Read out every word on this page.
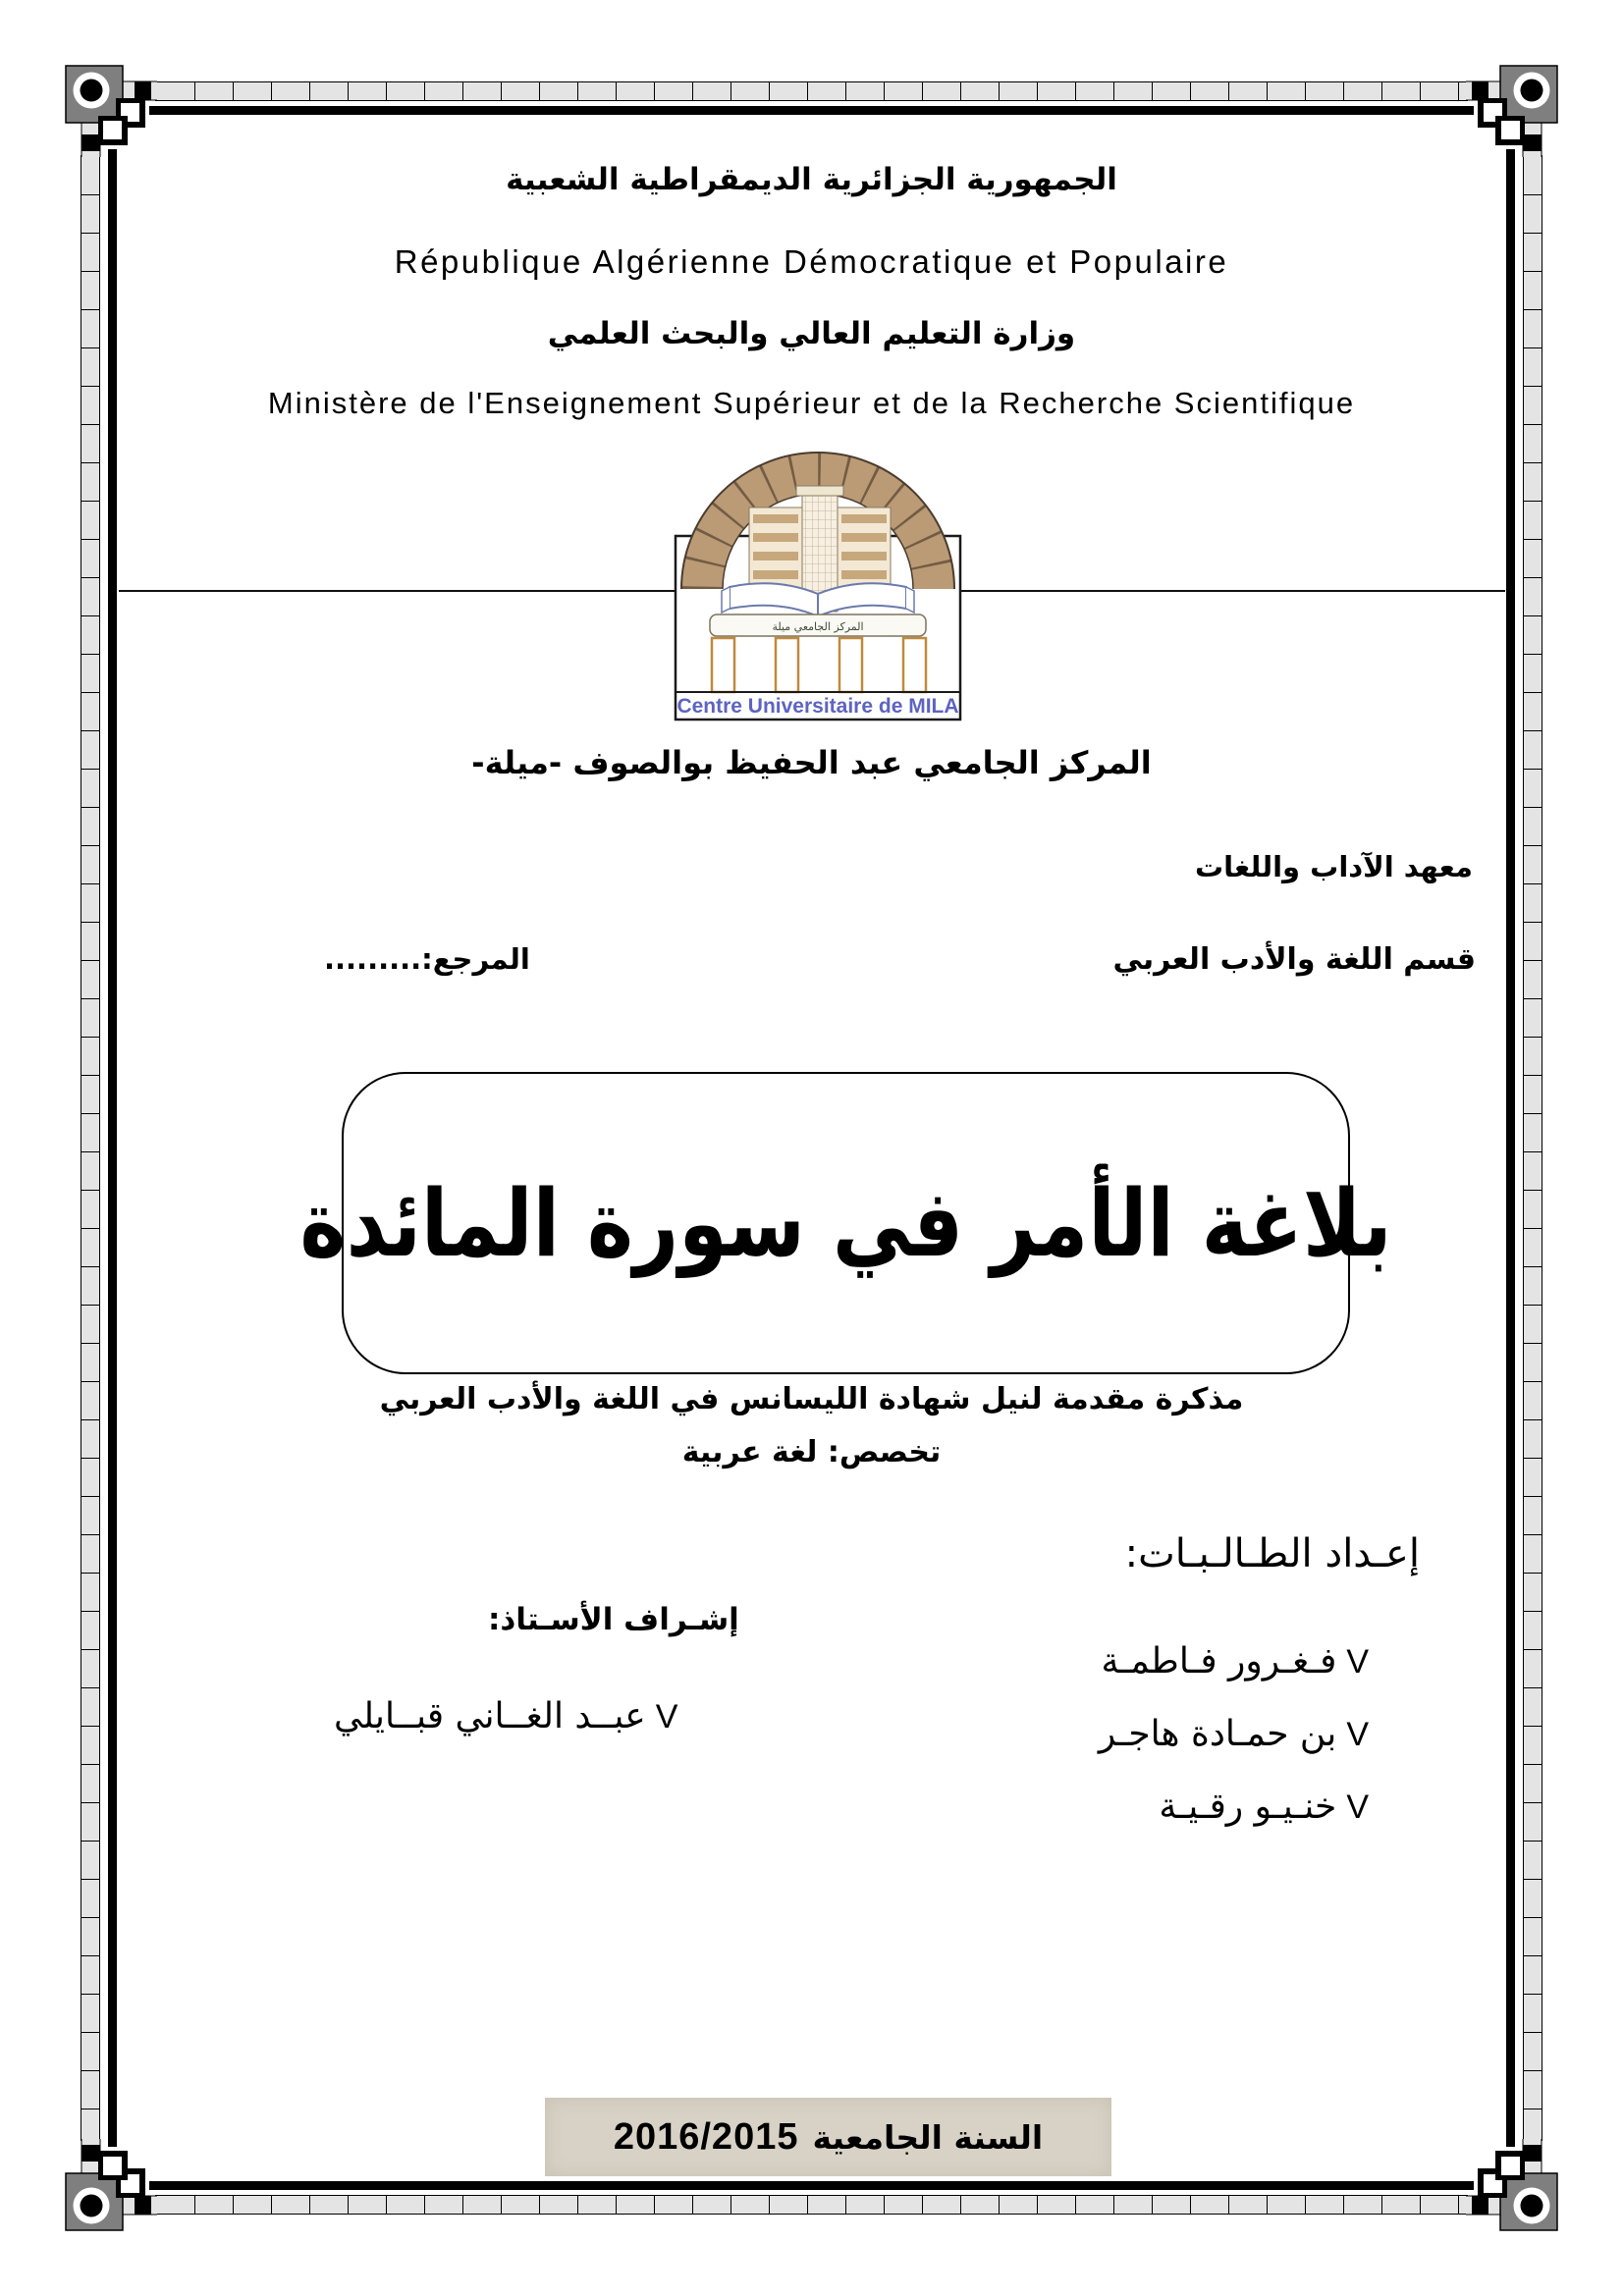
الجمهورية الجزائرية الديمقراطية الشعبية
République Algérienne Démocratique et Populaire
وزارة التعليم العالي والبحث العلمي
Ministère de l'Enseignement Supérieur et de la Recherche Scientifique
المركز الجامعي ميلة
Centre Universitaire de MILA
المركز الجامعي عبد الحفيظ بوالصوف -ميلة-
معهد الآداب واللغات
قسم اللغة والأدب العربي
المرجع:.........
بلاغة الأمر في سورة المائدة
مذكرة مقدمة لنيل شهادة الليسانس في اللغة والأدب العربي
تخصص: لغة عربية
إعـداد الطـالـبـات:
Vفـغـرور فـاطمـة
Vبن حمـادة هاجـر
Vخنـيـو رقـيـة
إشـراف الأسـتاذ:
Vعبــد الغــاني قبــايلي
السنة الجامعية
2016/2015
